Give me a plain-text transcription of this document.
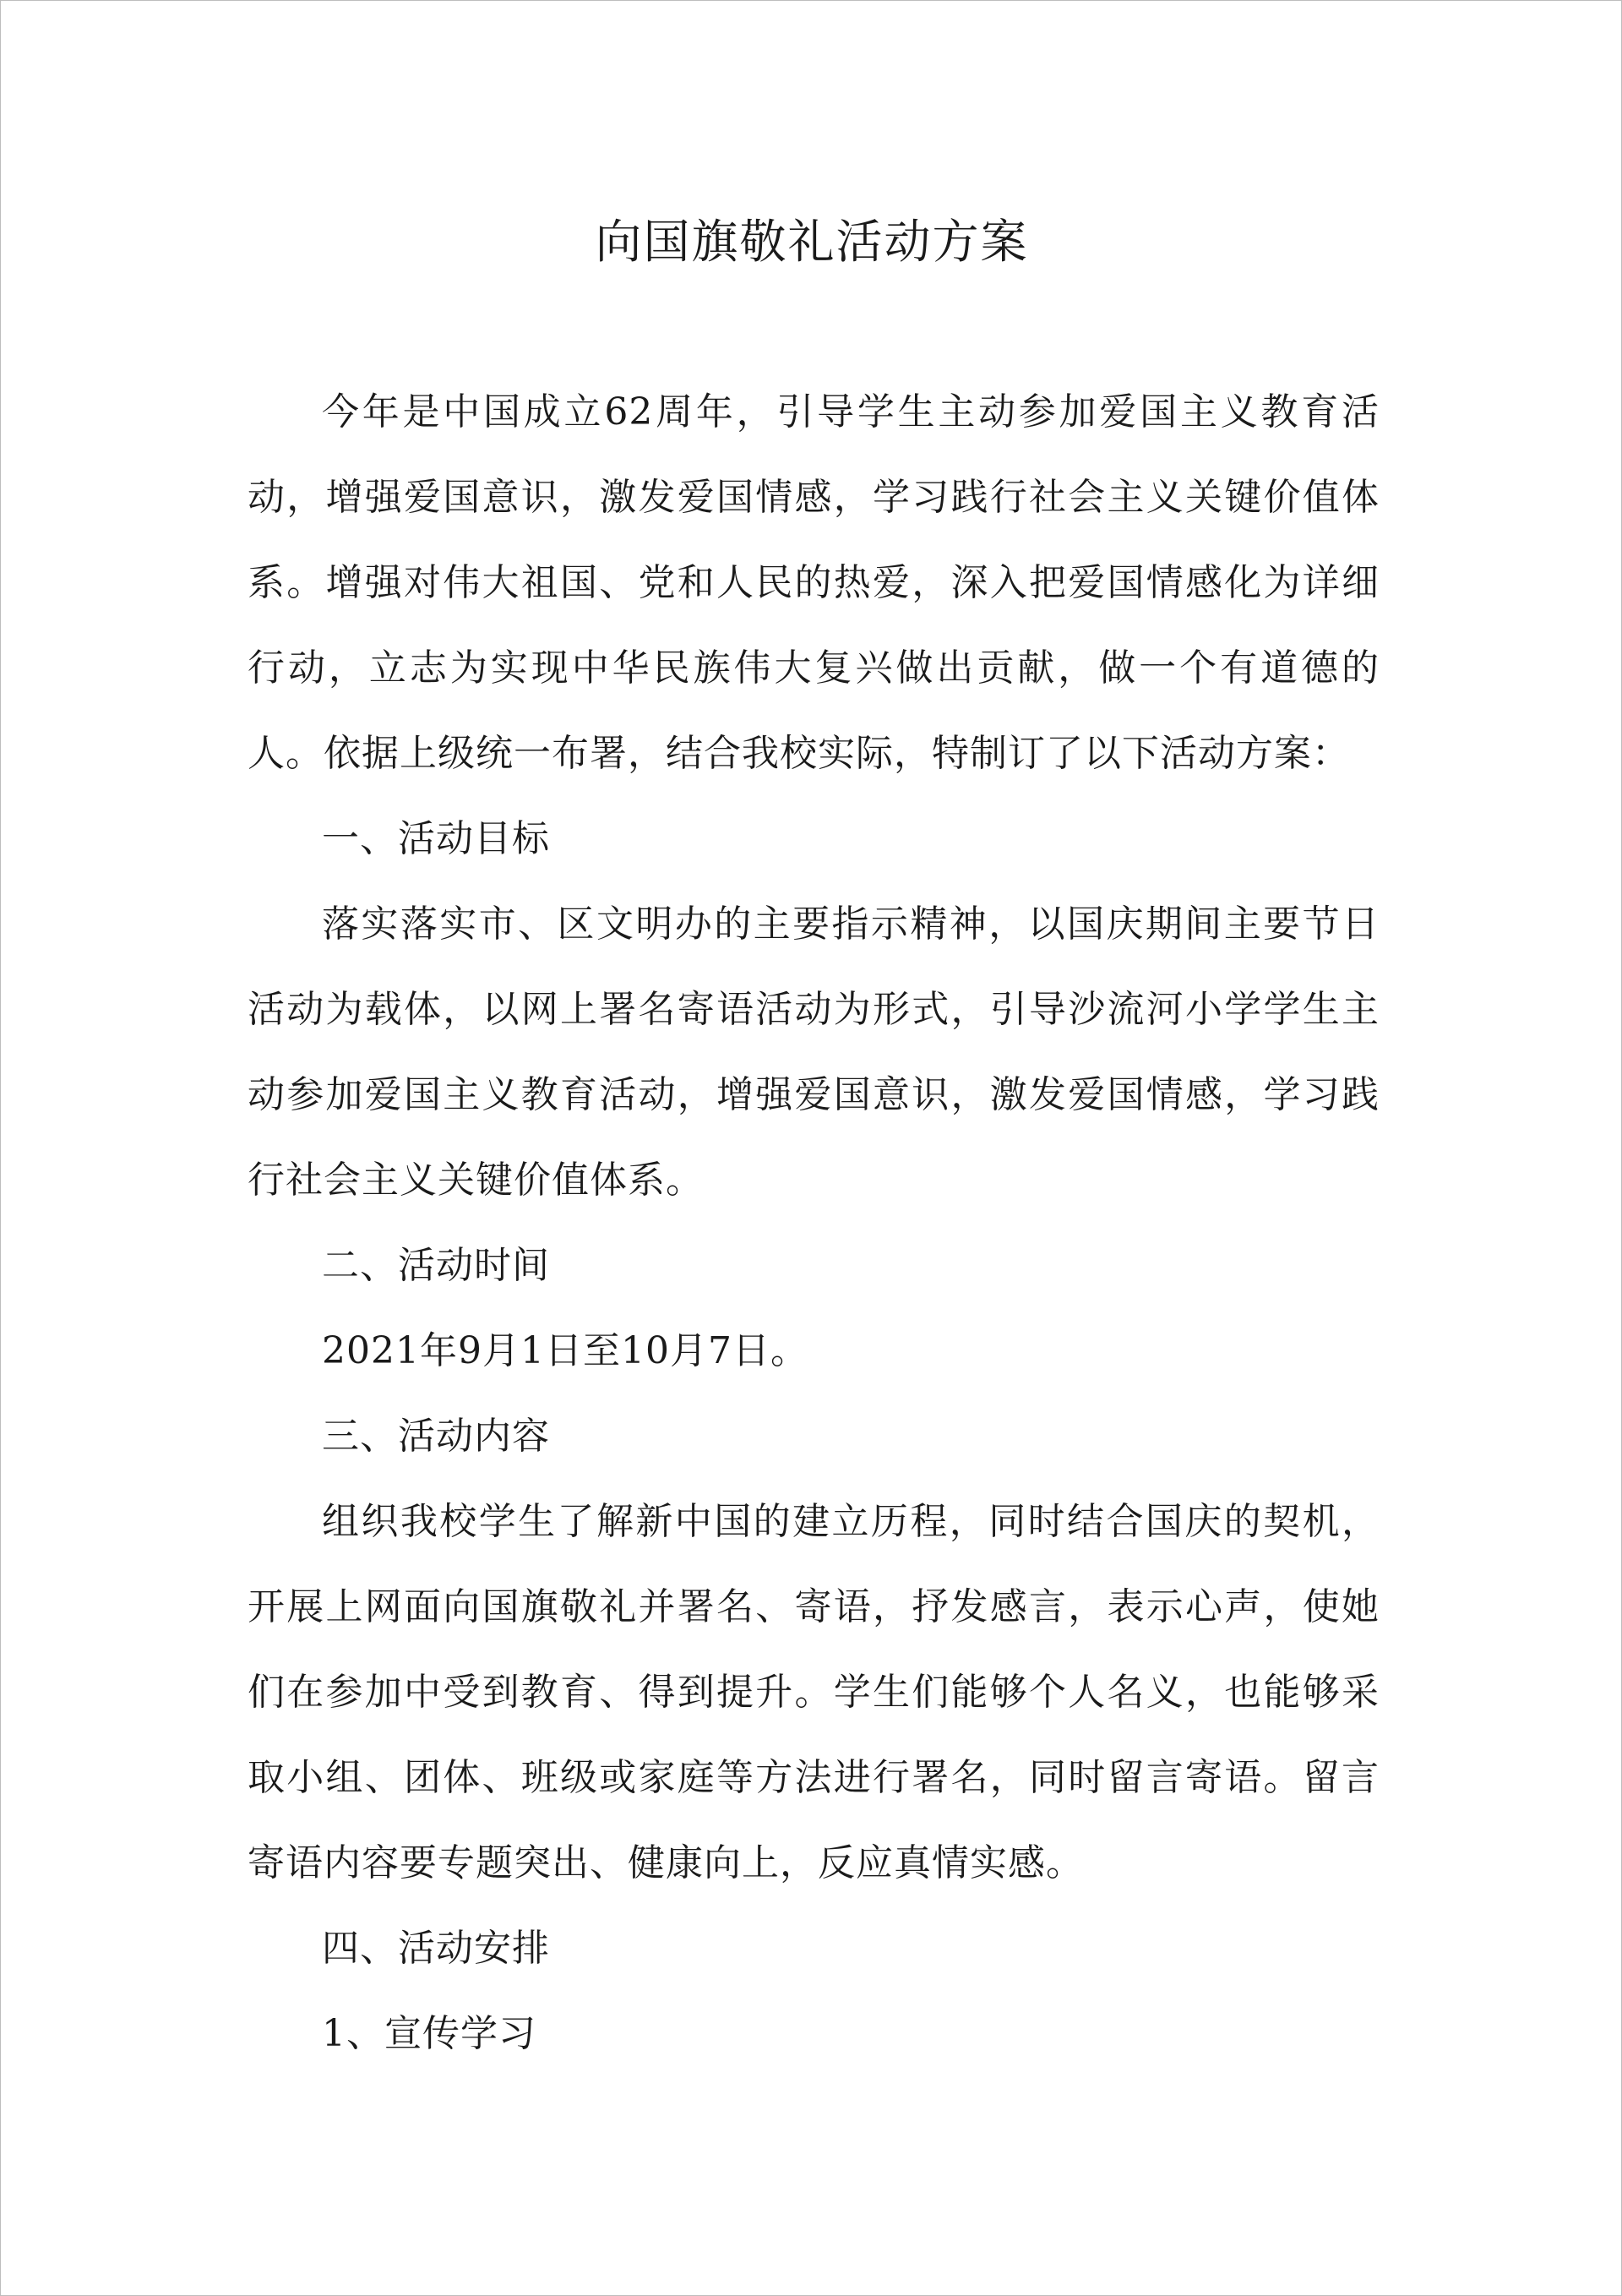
向国旗敬礼活动方案

今年是中国成立62周年，引导学生主动参加爱国主义教育活动，增强爱国意识，激发爱国情感，学习践行社会主义关键价值体系。增强对伟大祖国、党和人民的热爱，深入把爱国情感化为详细行动，立志为实现中华民族伟大复兴做出贡献，做一个有道德的人。依据上级统一布署，结合我校实际，特制订了以下活动方案：

一、活动目标

落实落实市、区文明办的主要指示精神，以国庆期间主要节日活动为载体，以网上署名寄语活动为形式，引导沙流河小学学生主动参加爱国主义教育活动，增强爱国意识，激发爱国情感，学习践行社会主义关键价值体系。

二、活动时间

2021年9月1日至10月7日。

三、活动内容

组织我校学生了解新中国的建立历程，同时结合国庆的契机，开展上网面向国旗敬礼并署名、寄语，抒发感言，表示心声，使她们在参加中受到教育、得到提升。学生们能够个人名义，也能够采取小组、团体、班级或家庭等方法进行署名，同时留言寄语。留言寄语内容要专题突出、健康向上，反应真情实感。

四、活动安排

1、宣传学习
